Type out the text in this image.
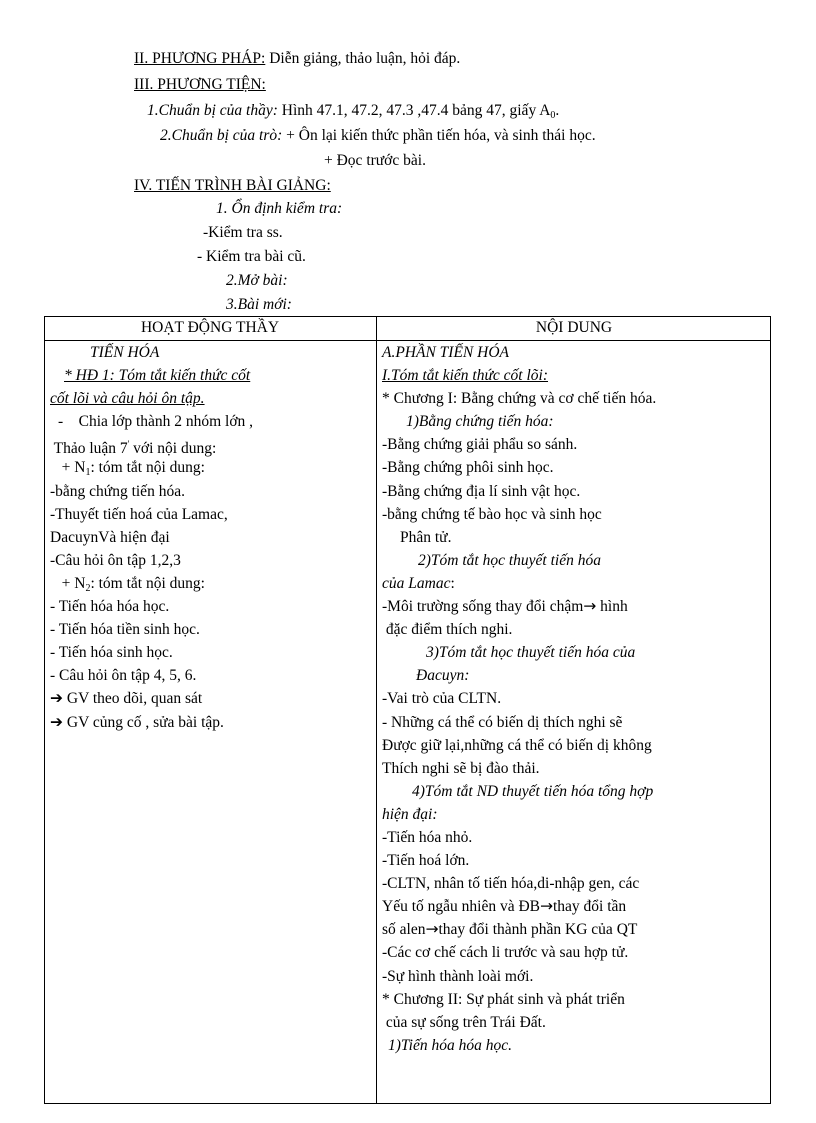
II. PHƯƠNG PHÁP: Diễn giảng, thảo luận, hỏi đáp.
III. PHƯƠNG TIỆN:
1.Chuẩn bị của thầy: Hình 47.1, 47.2, 47.3 ,47.4 bảng 47, giấy $A_0$.
2.Chuẩn bị của trò: + Ôn lại kiến thức phần tiến hóa, và sinh thái học.
+ Đọc trước bài.
IV. TIẾN TRÌNH BÀI GIẢNG:
1. Ổn định kiểm tra:
-Kiểm tra ss.
- Kiểm tra bài cũ.
2.Mở bài:
3.Bài mới:
HOẠT ĐỘNG THẦY	NỘI DUNG
TIẾN HÓA
* HĐ 1: Tóm tắt kiến thức cốt
cốt lõi và câu hỏi ôn tập.
-    Chia lớp thành 2 nhóm lớn ,
Thảo luận 7' với nội dung:
+ $N_1$: tóm tắt nội dung:
-bằng chứng tiến hóa.
-Thuyết tiến hoá của Lamac,
DacuynVà hiện đại
-Câu hỏi ôn tập 1,2,3
+ $N_2$: tóm tắt nội dung:
- Tiến hóa hóa học.
- Tiến hóa tiền sinh học.
- Tiến hóa sinh học.
- Câu hỏi ôn tập 4, 5, 6.
➔ GV theo dõi, quan sát
➔ GV củng cố , sửa bài tập.
A.PHẦN TIẾN HÓA
I.Tóm tắt kiến thức cốt lõi:
* Chương I: Bằng chứng và cơ chế tiến hóa.
1)Bằng chứng tiến hóa:
-Bằng chứng giải phẩu so sánh.
-Bằng chứng phôi sinh học.
-Bằng chứng địa lí sinh vật học.
-bằng chứng tế bào học và sinh học
Phân tử.
2)Tóm tắt học thuyết tiến hóa
của Lamac:
-Môi trường sống thay đổi chậm→ hình
đặc điểm thích nghi.
3)Tóm tắt học thuyết tiến hóa của
Đacuyn:
-Vai trò của CLTN.
- Những cá thể có biến dị thích nghi sẽ
Được giữ lại,những cá thể có biến dị không
Thích nghi sẽ bị đào thải.
4)Tóm tắt ND thuyết tiến hóa tổng hợp
hiện đại:
-Tiến hóa nhỏ.
-Tiến hoá lớn.
-CLTN, nhân tố tiến hóa,di-nhập gen, các
Yếu tố ngẫu nhiên và ĐB→thay đổi tần
số alen→thay đổi thành phần KG của QT
-Các cơ chế cách li trước và sau hợp tử.
-Sự hình thành loài mới.
* Chương II: Sự phát sinh và phát triển
của sự sống trên Trái Đất.
1)Tiến hóa hóa học.
